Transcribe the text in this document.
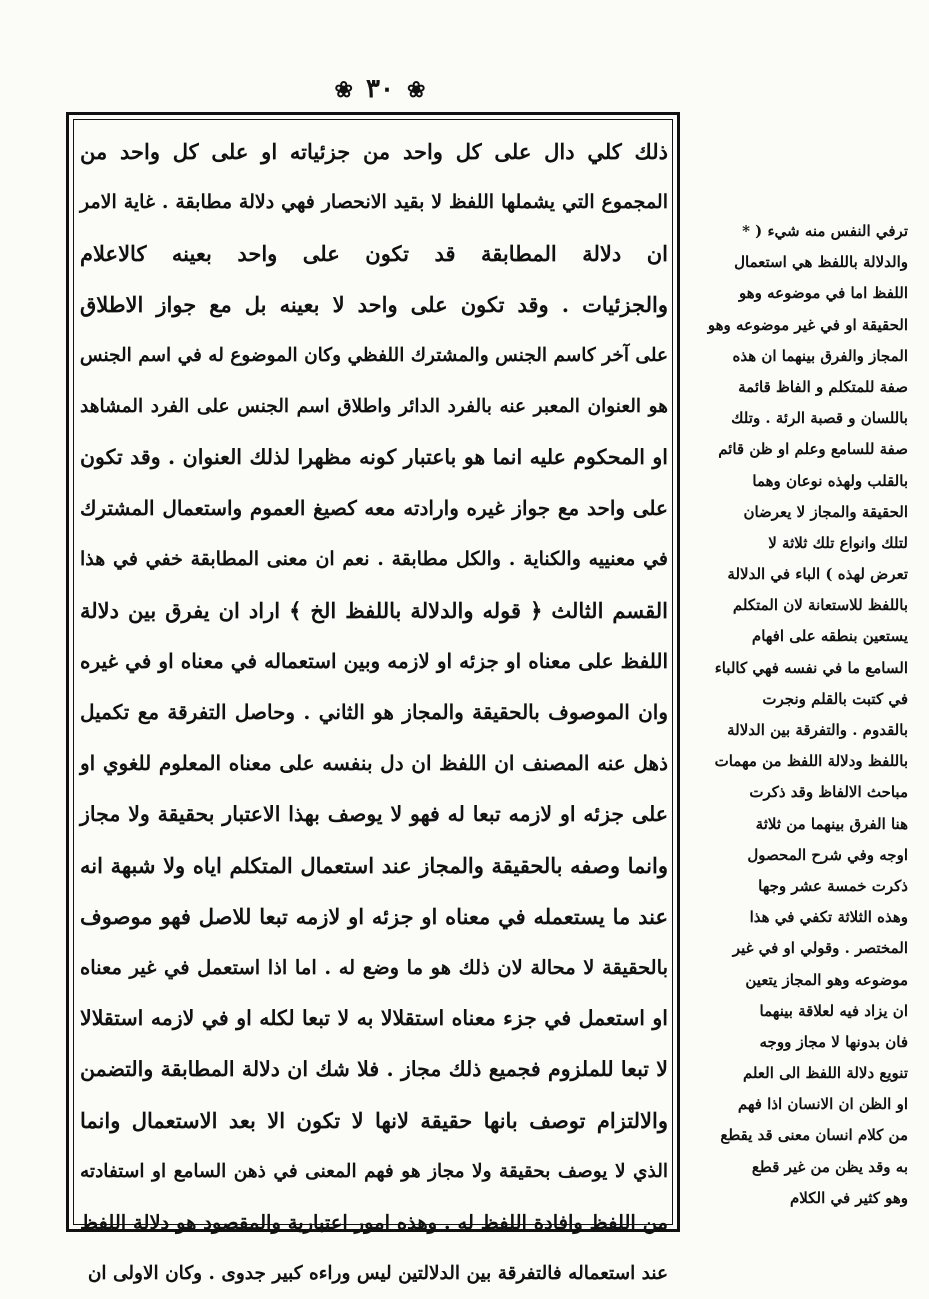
❀ ٣٠ ❀
ذلك كلي دال على كل واحد من جزئياته او على كل واحد من
المجموع التي يشملها اللفظ لا بقيد الانحصار فهي دلالة مطابقة . غاية الامر
ان دلالة المطابقة قد تكون على واحد بعينه كالاعلام
والجزئيات . وقد تكون على واحد لا بعينه بل مع جواز الاطلاق
على آخر كاسم الجنس والمشترك اللفظي وكان الموضوع له في اسم الجنس
هو العنوان المعبر عنه بالفرد الدائر واطلاق اسم الجنس على الفرد المشاهد
او المحكوم عليه انما هو باعتبار كونه مظهرا لذلك العنوان . وقد تكون
على واحد مع جواز غيره وارادته معه كصيغ العموم واستعمال المشترك
في معنييه والكناية . والكل مطابقة . نعم ان معنى المطابقة خفي في هذا
القسم الثالث ﴿ قوله والدلالة باللفظ الخ ﴾ اراد ان يفرق بين دلالة
اللفظ على معناه او جزئه او لازمه وبين استعماله في معناه او في غيره
وان الموصوف بالحقيقة والمجاز هو الثاني . وحاصل التفرقة مع تكميل
ذهل عنه المصنف ان اللفظ ان دل بنفسه على معناه المعلوم للغوي او
على جزئه او لازمه تبعا له فهو لا يوصف بهذا الاعتبار بحقيقة ولا مجاز
وانما وصفه بالحقيقة والمجاز عند استعمال المتكلم اياه ولا شبهة انه
عند ما يستعمله في معناه او جزئه او لازمه تبعا للاصل فهو موصوف
بالحقيقة لا محالة لان ذلك هو ما وضع له . اما اذا استعمل في غير معناه
او استعمل في جزء معناه استقلالا به لا تبعا لكله او في لازمه استقلالا
لا تبعا للملزوم فجميع ذلك مجاز . فلا شك ان دلالة المطابقة والتضمن
والالتزام توصف بانها حقيقة لانها لا تكون الا بعد الاستعمال وانما
الذي لا يوصف بحقيقة ولا مجاز هو فهم المعنى في ذهن السامع او استفادته
من اللفظ وافادة اللفظ له . وهذه امور اعتبارية والمقصود هو دلالة اللفظ
عند استعماله فالتفرقة بين الدلالتين ليس وراءه كبير جدوى . وكان الاولى ان
ترفي النفس منه شيء ( *
والدلالة باللفظ هي استعمال
اللفظ اما في موضوعه وهو
الحقيقة او في غير موضوعه وهو
المجاز والفرق بينهما ان هذه
صفة للمتكلم و الفاظ قائمة
باللسان و قصبة الرئة . وتلك
صفة للسامع وعلم او ظن قائم
بالقلب ولهذه نوعان وهما
الحقيقة والمجاز لا يعرضان
لتلك وانواع تلك ثلاثة لا
تعرض لهذه ) الباء في الدلالة
باللفظ للاستعانة لان المتكلم
يستعين بنطقه على افهام
السامع ما في نفسه فهي كالباء
في كتبت بالقلم ونجرت
بالقدوم . والتفرقة بين الدلالة
باللفظ ودلالة اللفظ من مهمات
مباحث الالفاظ وقد ذكرت
هنا الفرق بينهما من ثلاثة
اوجه وفي شرح المحصول
ذكرت خمسة عشر وجها
وهذه الثلاثة تكفي في هذا
المختصر . وقولي او في غير
موضوعه وهو المجاز يتعين
ان يزاد فيه لعلاقة بينهما
فان بدونها لا مجاز ووجه
تنويع دلالة اللفظ الى العلم
او الظن ان الانسان اذا فهم
من كلام انسان معنى قد يقطع
به وقد يظن من غير قطع
وهو كثير في الكلام
